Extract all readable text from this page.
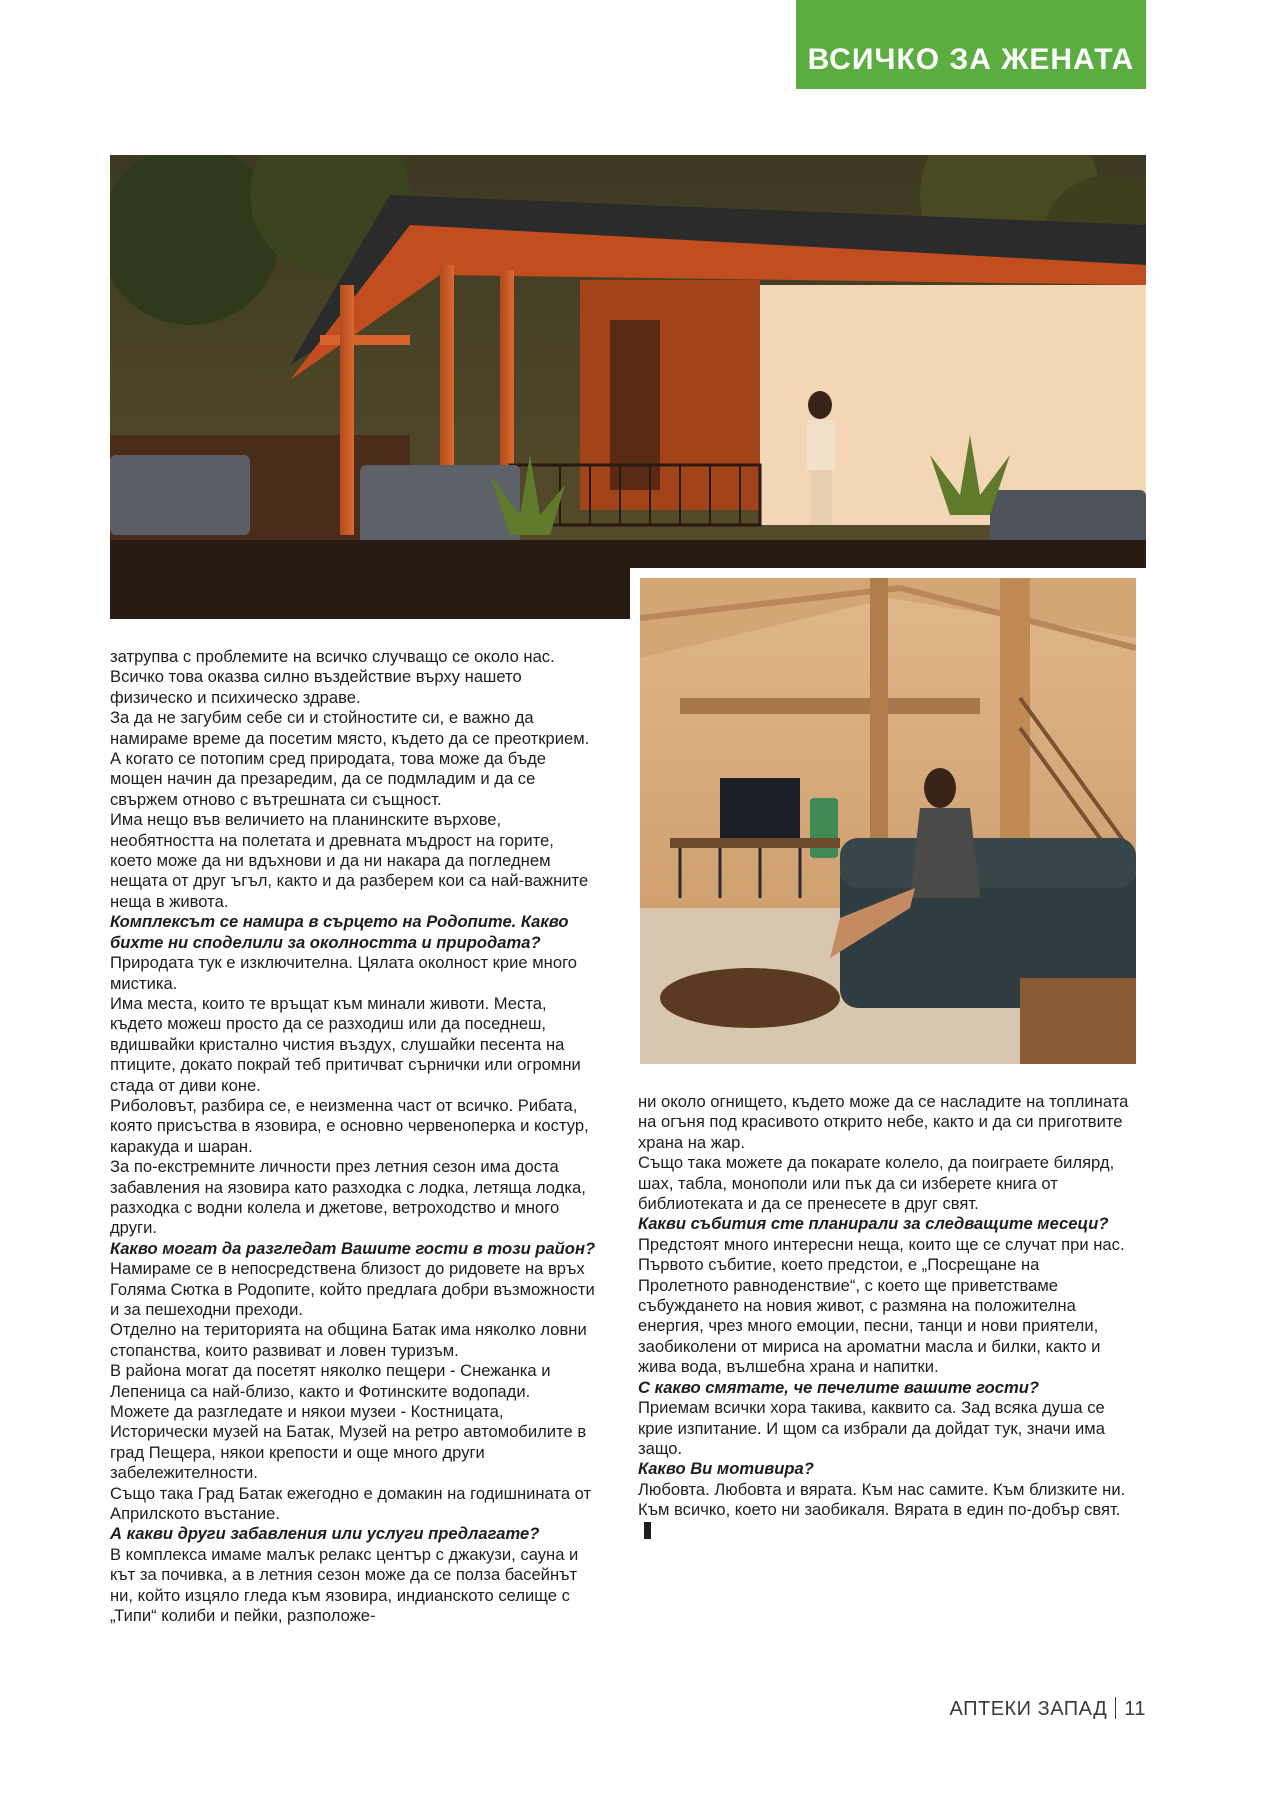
ВСИЧКО ЗА ЖЕНАТА

затрупва с проблемите на всичко случващо се около нас. Всичко това оказва силно въздействие върху нашето физическо и психическо здраве.

За да не загубим себе си и стойностите си, е важно да намираме време да посетим място, където да се преоткрием. А когато се потопим сред природата, това може да бъде мощен начин да презаредим, да се подмладим и да се свържем отново с вътрешната си същност.

Има нещо във величието на планинските върхове, необятността на полетата и древната мъдрост на горите, което може да ни вдъхнови и да ни накара да погледнем нещата от друг ъгъл, както и да разберем кои са най-важните неща в живота.

Комплексът се намира в сърцето на Родопите. Какво бихте ни споделили за околността и природата?

Природата тук е изключителна. Цялата околност крие много мистика.

Има места, които те връщат към минали животи. Места, където можеш просто да се разходиш или да поседнеш, вдишвайки кристално чистия въздух, слушайки песента на птиците, докато покрай теб притичват сърнички или огромни стада от диви коне.

Риболовът, разбира се, е неизменна част от всичко. Рибата, която присъства в язовира, е основно червеноперка и костур, каракуда и шаран.

За по-екстремните личности през летния сезон има доста забавления на язовира като разходка с лодка, летяща лодка, разходка с водни колела и джетове, ветроходство и много други.

Какво могат да разгледат Вашите гости в този район?

Намираме се в непосредствена близост до ридовете на връх Голяма Сютка в Родопите, който предлага добри възможности и за пешеходни преходи.

Отделно на територията на община Батак има няколко ловни стопанства, които развиват и ловен туризъм.

В района могат да посетят няколко пещери - Снежанка и Лепеница са най-близо, както и Фотинските водопади.

Можете да разгледате и някои музеи - Костницата, Исторически музей на Батак, Музей на ретро автомобилите в град Пещера, някои крепости и още много други забележителности.

Също така Град Батак ежегодно е домакин на годишнината от Априлското въстание.

А какви други забавления или услуги предлагате?

В комплекса имаме малък релакс център с джакузи, сауна и кът за почивка, а в летния сезон може да се полза басейнът ни, който изцяло гледа към язовира, индианското селище с „Типи“ колиби и пейки, разположе-

ни около огнището, където може да се насладите на топлината на огъня под красивото открито небе, както и да си приготвите храна на жар.

Също така можете да покарате колело, да поиграете билярд, шах, табла, монополи или пък да си изберете книга от библиотеката и да се пренесете в друг свят.

Какви събития сте планирали за следващите месеци?

Предстоят много интересни неща, които ще се случат при нас. Първото събитие, което предстои, е „Посрещане на Пролетното равноденствие“, с което ще приветстваме събуждането на новия живот, с размяна на положителна енергия, чрез много емоции, песни, танци и нови приятели, заобиколени от мириса на ароматни масла и билки, както и жива вода, вълшебна храна и напитки.

С какво смятате, че печелите вашите гости?

Приемам всички хора такива, каквито са. Зад всяка душа се крие изпитание. И щом са избрали да дойдат тук, значи има защо.

Какво Ви мотивира?

Любовта. Любовта и вярата. Към нас самите. Към близките ни. Към всичко, което ни заобикаля. Вярата в един по-добър свят.

АПТЕКИ ЗАПАД 11
